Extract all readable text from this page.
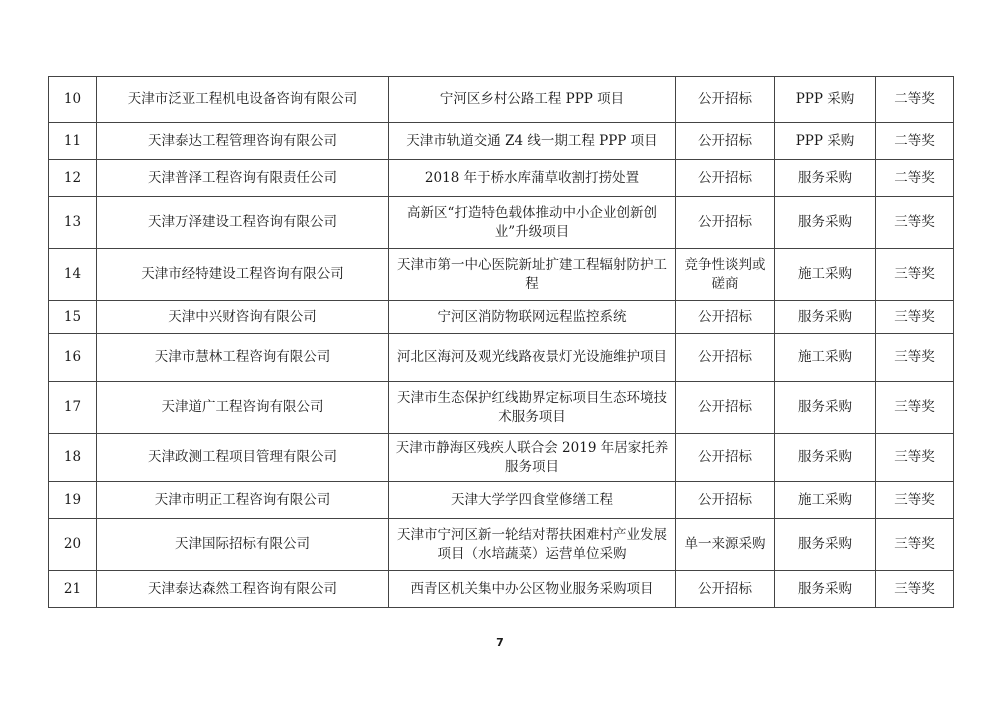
10	天津市泛亚工程机电设备咨询有限公司	宁河区乡村公路工程 PPP 项目	公开招标	PPP 采购	二等奖
11	天津泰达工程管理咨询有限公司	天津市轨道交通 Z4 线一期工程 PPP 项目	公开招标	PPP 采购	二等奖
12	天津普泽工程咨询有限责任公司	2018 年于桥水库蒲草收割打捞处置	公开招标	服务采购	二等奖
13	天津万泽建设工程咨询有限公司	高新区“打造特色载体推动中小企业创新创业”升级项目	公开招标	服务采购	三等奖
14	天津市经特建设工程咨询有限公司	天津市第一中心医院新址扩建工程辐射防护工程	竞争性谈判或磋商	施工采购	三等奖
15	天津中兴财咨询有限公司	宁河区消防物联网远程监控系统	公开招标	服务采购	三等奖
16	天津市慧林工程咨询有限公司	河北区海河及观光线路夜景灯光设施维护项目	公开招标	施工采购	三等奖
17	天津道广工程咨询有限公司	天津市生态保护红线勘界定标项目生态环境技术服务项目	公开招标	服务采购	三等奖
18	天津政测工程项目管理有限公司	天津市静海区残疾人联合会 2019 年居家托养服务项目	公开招标	服务采购	三等奖
19	天津市明正工程咨询有限公司	天津大学学四食堂修缮工程	公开招标	施工采购	三等奖
20	天津国际招标有限公司	天津市宁河区新一轮结对帮扶困难村产业发展项目（水培蔬菜）运营单位采购	单一来源采购	服务采购	三等奖
21	天津泰达森然工程咨询有限公司	西青区机关集中办公区物业服务采购项目	公开招标	服务采购	三等奖
7
